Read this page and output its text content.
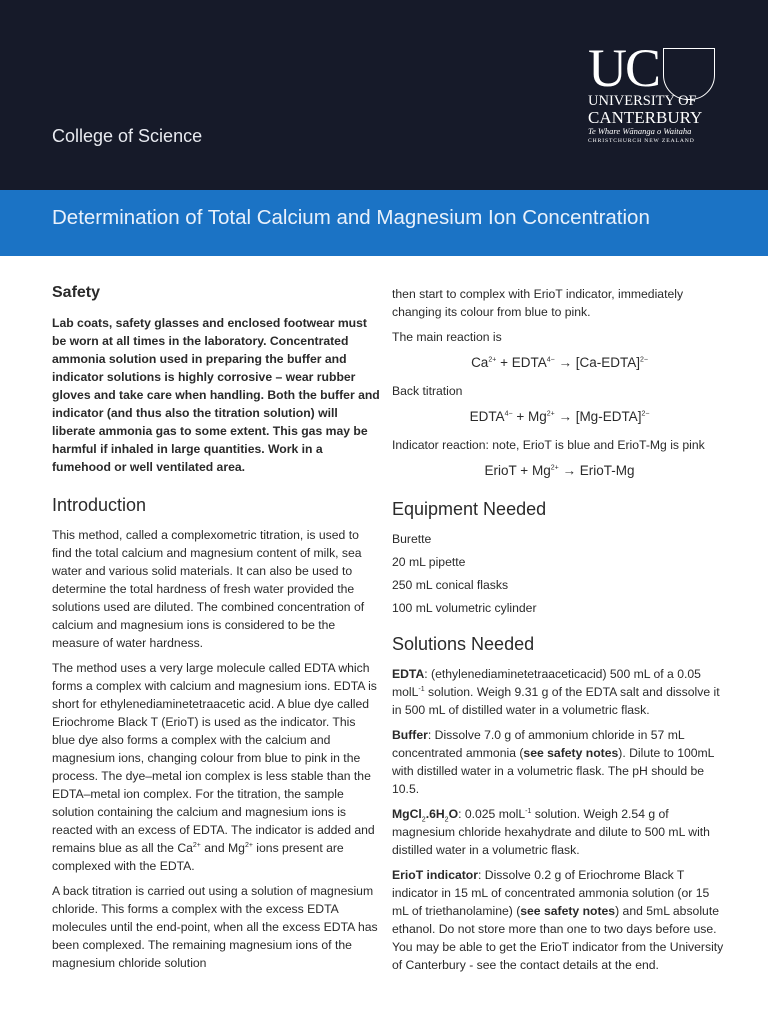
College of Science
UC
UNIVERSITY OF
CANTERBURY
Te Whare Wānanga o Waitaha
CHRISTCHURCH NEW ZEALAND
Determination of Total Calcium and Magnesium Ion Concentration
Safety

Lab coats, safety glasses and enclosed footwear must be worn at all times in the laboratory. Concentrated ammonia solution used in preparing the buffer and indicator solutions is highly corrosive – wear rubber gloves and take care when handling. Both the buffer and indicator (and thus also the titration solution) will liberate ammonia gas to some extent. This gas may be harmful if inhaled in large quantities. Work in a fumehood or well ventilated area.

Introduction

This method, called a complexometric titration, is used to find the total calcium and magnesium content of milk, sea water and various solid materials. It can also be used to determine the total hardness of fresh water provided the solutions used are diluted. The combined concentration of calcium and magnesium ions is considered to be the measure of water hardness.

The method uses a very large molecule called EDTA which forms a complex with calcium and magnesium ions. EDTA is short for ethylenediaminetetraacetic acid. A blue dye called Eriochrome Black T (ErioT) is used as the indicator. This blue dye also forms a complex with the calcium and magnesium ions, changing colour from blue to pink in the process. The dye–metal ion complex is less stable than the EDTA–metal ion complex. For the titration, the sample solution containing the calcium and magnesium ions is reacted with an excess of EDTA. The indicator is added and remains blue as all the $Ca^{2+}$ and $Mg^{2+}$ ions present are complexed with the EDTA.

A back titration is carried out using a solution of magnesium chloride. This forms a complex with the excess EDTA molecules until the end-point, when all the excess EDTA has been complexed. The remaining magnesium ions of the magnesium chloride solution

then start to complex with ErioT indicator, immediately changing its colour from blue to pink.

The main reaction is

$Ca^{2+}$ + $EDTA^{4-}$ → [Ca-EDTA]$^{2-}$

Back titration

$EDTA^{4-} + Mg^{2+}$ → [Mg-EDTA]$^{2-}$

Indicator reaction: note, ErioT is blue and ErioT-Mg is pink

ErioT + $Mg^{2+}$ → ErioT-Mg
Equipment Needed

Burette

20 mL pipette

250 mL conical flasks

100 mL volumetric cylinder

Solutions Needed

EDTA: (ethylenediaminetetraaceticacid) 500 mL of a 0.05 molL$^{-1}$ solution. Weigh 9.31 g of the EDTA salt and dissolve it in 500 mL of distilled water in a volumetric flask.

Buffer: Dissolve 7.0 g of ammonium chloride in 57 mL concentrated ammonia (see safety notes). Dilute to 100mL with distilled water in a volumetric flask. The pH should be 10.5.

$MgCl_2.6H_2O$: 0.025 molL$^{-1}$ solution. Weigh 2.54 g of magnesium chloride hexahydrate and dilute to 500 mL with distilled water in a volumetric flask.

ErioT indicator: Dissolve 0.2 g of Eriochrome Black T indicator in 15 mL of concentrated ammonia solution (or 15 mL of triethanolamine) (see safety notes) and 5mL absolute ethanol. Do not store more than one to two days before use. You may be able to get the ErioT indicator from the University of Canterbury - see the contact details at the end.
